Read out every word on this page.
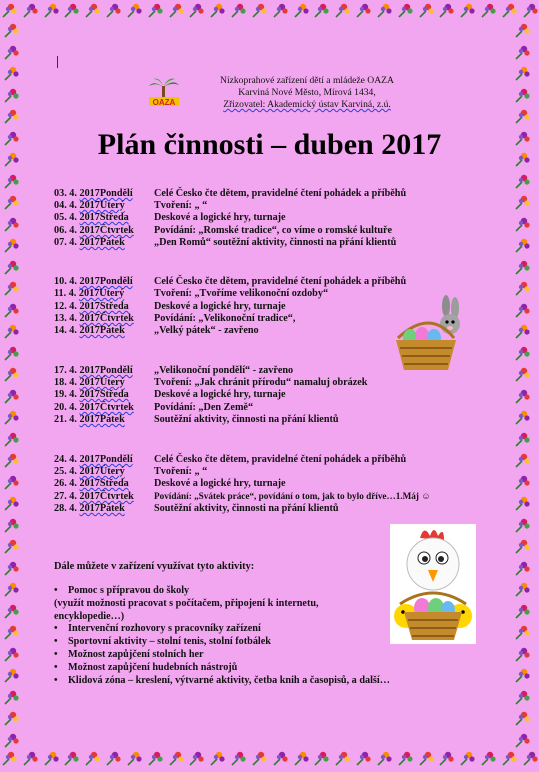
OAZA
Nízkoprahové zařízení dětí a mládeže OAZA
Karviná Nové Město, Mírová 1434,
Zřizovatel: Akademický ústav Karviná, z.ú.
Plán činnosti – duben 2017
03. 4. 2017Pondělí Celé Česko čte dětem, pravidelné čtení pohádek a příběhů
04. 4. 2017Úterý	Tvoření: „ “
05. 4. 2017Středa Deskové a logické hry, turnaje
06. 4. 2017Čtvrtek Povídání: „Romské tradice“, co víme o romské kultuře
07. 4. 2017Pátek	„Den Romů“ soutěžní aktivity, činnosti na přání klientů
10. 4. 2017Pondělí Celé Česko čte dětem, pravidelné čtení pohádek a příběhů
11. 4. 2017Úterý	Tvoření: „Tvoříme velikonoční ozdoby“
12. 4. 2017Středa Deskové a logické hry, turnaje
13. 4. 2017Čtvrtek Povídání: „Velikonoční tradice“,
14. 4. 2017Pátek	„Velký pátek“ - zavřeno
17. 4. 2017Pondělí „Velikonoční pondělí“ - zavřeno
18. 4. 2017Úterý	Tvoření: „Jak chránit přírodu“ namaluj obrázek
19. 4. 2017Středa Deskové a logické hry, turnaje
20. 4. 2017Čtvrtek Povídání: „Den Země“
21. 4. 2017Pátek	Soutěžní aktivity, činnosti na přání klientů
24. 4. 2017Pondělí Celé Česko čte dětem, pravidelné čtení pohádek a příběhů
25. 4. 2017Úterý	Tvoření: „ “
26. 4. 2017Středa Deskové a logické hry, turnaje
27. 4. 2017Čtvrtek Povídání: „Svátek práce“, povídání o tom, jak to bylo dříve…1.Máj ☺
28. 4. 2017Pátek	Soutěžní aktivity, činnosti na přání klientů
Dále můžete v zařízení využívat tyto aktivity:
•	Pomoc s přípravou do školy
(využít možnosti pracovat s počítačem, připojení k internetu,
encyklopedie…)
•	Intervenční rozhovory s pracovníky zařízení
•	Sportovní aktivity – stolní tenis, stolní fotbálek
•	Možnost zapůjčení stolních her
•	Možnost zapůjčení hudebních nástrojů
•	Klidová zóna – kreslení, výtvarné aktivity, četba knih a časopisů, a další…
